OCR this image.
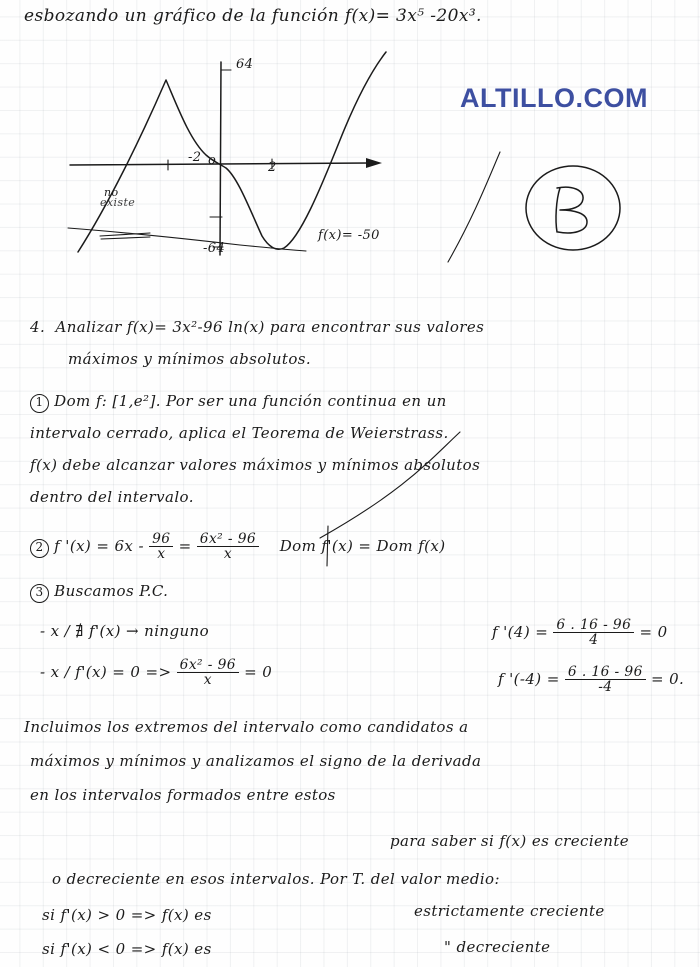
esbozando un gráfico de la función f(x)= 3x⁵ -20x³.
ALTILLO.COM
64
o
-2
2
-64
no
existe
f(x)= -50
4. Analizar f(x)= 3x²-96 ln(x) para encontrar sus valores
máximos y mínimos absolutos.
1 Dom f: [1,e²]. Por ser una función continua en un
intervalo cerrado, aplica el Teorema de Weierstrass.
f(x) debe alcanzar valores máximos y mínimos absolutos
dentro del intervalo.
2 f '$(x) = 6x - \frac{96}{x} = \frac{\text{6x² - 96}}{x}$ Dom f'(x) = Dom f(x)
3 Buscamos P.C.
- x / ∄ f'(x) → ninguno
- $x / f'(x) = 0 => \frac{\text{6x² - 96}}{x} = 0$
f '$(4) = \frac{6 . 16 - 96}{4} = 0$
f '$(-4) = \frac{6 . 16 - 96}{-4} = 0$.
Incluimos los extremos del intervalo como candidatos a
máximos y mínimos y analizamos el signo de la derivada
en los intervalos formados entre estos
para saber si f(x) es creciente
o decreciente en esos intervalos. Por T. del valor medio:
si f'(x) > 0 => f(x) es	estrictamente creciente
si f'(x) < 0 => f(x) es	" decreciente
